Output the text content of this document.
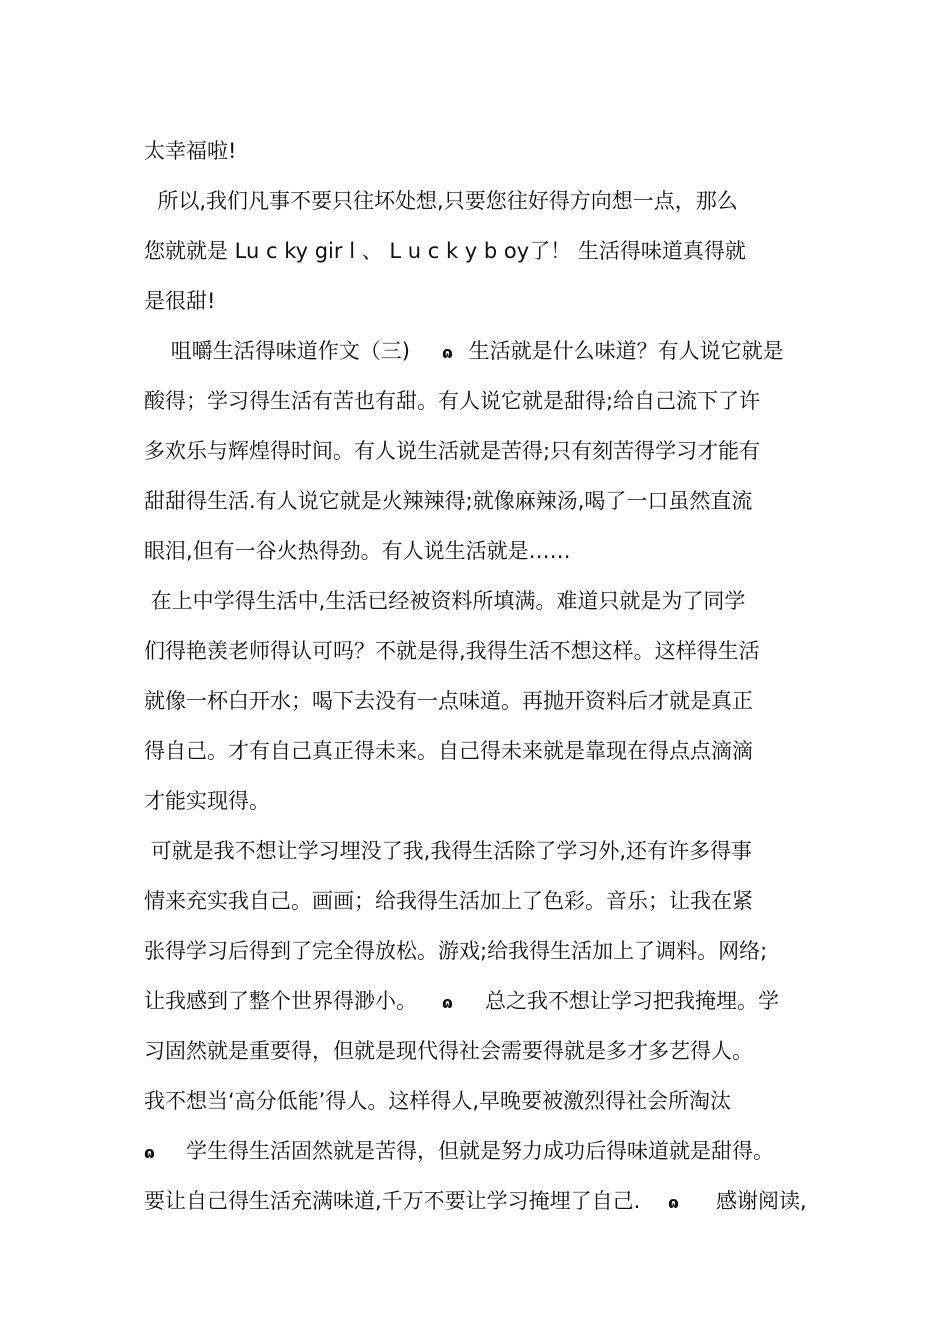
太幸福啦!
所以,我们凡事不要只往坏处想,只要您往好得方向想一点，那么
您就就是 Lu c ky gir l 、 L u c k y b oy了！ 生活得味道真得就
是很甜!
咀嚼生活得味道作文（三) ɷ 生活就是什么味道？有人说它就是
酸得；学习得生活有苦也有甜。有人说它就是甜得;给自己流下了许
多欢乐与辉煌得时间。有人说生活就是苦得;只有刻苦得学习才能有
甜甜得生活.有人说它就是火辣辣得;就像麻辣汤,喝了一口虽然直流
眼泪,但有一谷火热得劲。有人说生活就是……
在上中学得生活中,生活已经被资料所填满。难道只就是为了同学
们得艳羡老师得认可吗？不就是得,我得生活不想这样。这样得生活
就像一杯白开水；喝下去没有一点味道。再抛开资料后才就是真正
得自己。才有自己真正得未来。自己得未来就是靠现在得点点滴滴
才能实现得。
可就是我不想让学习埋没了我,我得生活除了学习外,还有许多得事
情来充实我自己。画画；给我得生活加上了色彩。音乐；让我在紧
张得学习后得到了完全得放松。游戏;给我得生活加上了调料。网络;
让我感到了整个世界得渺小。 ɷ 总之我不想让学习把我掩埋。学
习固然就是重要得，但就是现代得社会需要得就是多才多艺得人。
我不想当‘高分低能’得人。这样得人,早晚要被激烈得社会所淘汰
ɷ 学生得生活固然就是苦得，但就是努力成功后得味道就是甜得。
要让自己得生活充满味道,千万不要让学习掩埋了自己. ɷ 感谢阅读,
